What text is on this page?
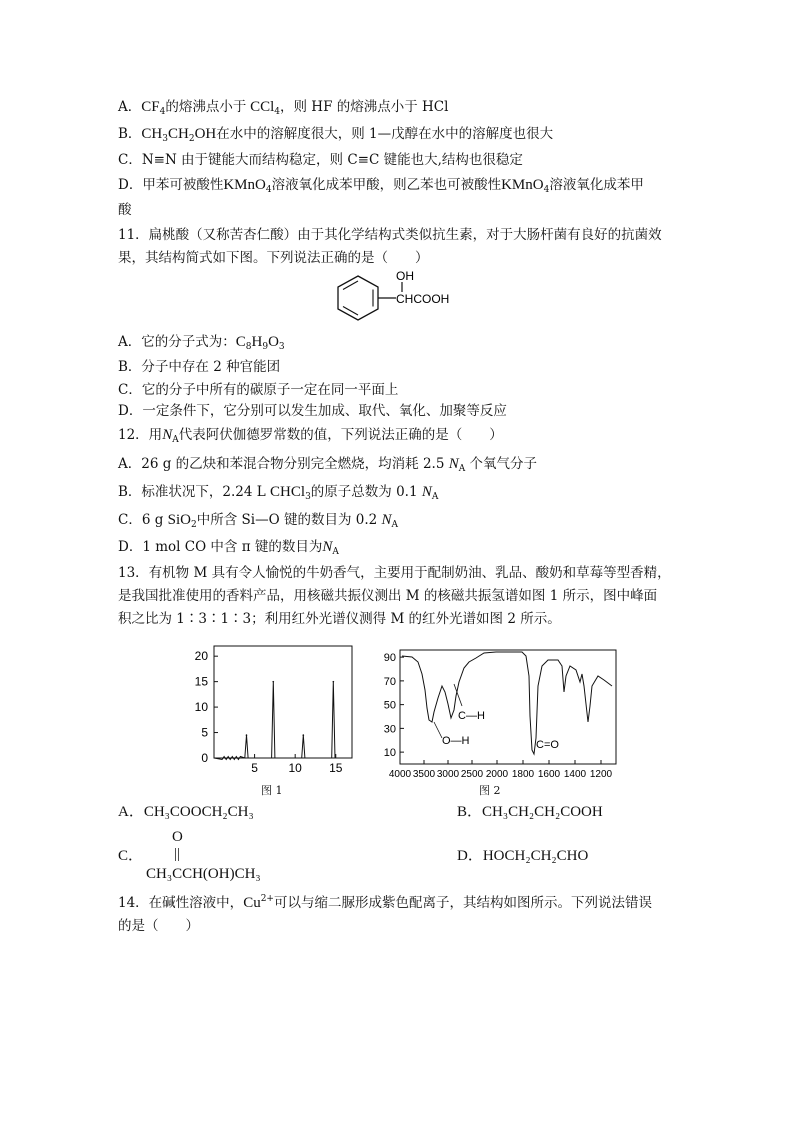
A．$CF_4$的熔沸点小于 CCl$_4$，则 HF 的熔沸点小于 HCl
B．$CH_3CH_2OH$在水中的溶解度很大，则 1—戊醇在水中的溶解度也很大
C．N≡N 由于键能大而结构稳定，则 C≡C 键能也大,结构也很稳定
D．甲苯可被酸性KMnO$_4$溶液氧化成苯甲酸，则乙苯也可被酸性KMnO$_4$溶液氧化成苯甲
酸
11．扁桃酸（又称苦杏仁酸）由于其化学结构式类似抗生素，对于大肠杆菌有良好的抗菌效
果，其结构简式如下图。下列说法正确的是（　　）
OH
CHCOOH
A．它的分子式为：$C_8H_9O_3$
B．分子中存在 2 种官能团
C．它的分子中所有的碳原子一定在同一平面上
D．一定条件下，它分别可以发生加成、取代、氧化、加聚等反应
12．用$N_A$代表阿伏伽德罗常数的值，下列说法正确的是（　　）
A．26 g 的乙炔和苯混合物分别完全燃烧，均消耗 2.5 $N_A$ 个氧气分子
B．标准状况下，2.24 L CHCl$_3$的原子总数为 0.1 $N_A$
C．6 g SiO$_2$中所含 Si—O 键的数目为 0.2 $N_A$
D．1 mol CO 中含 π 键的数目为$N_A$
13．有机物 M 具有令人愉悦的牛奶香气，主要用于配制奶油、乳品、酸奶和草莓等型香精，
是我国批准使用的香料产品，用核磁共振仪测出 M 的核磁共振氢谱如图 1 所示，图中峰面
积之比为 1∶3∶1∶3；利用红外光谱仪测得 M 的红外光谱如图 2 所示。
20
15
10
5
0
5	10 15
图 1
90
70
50
30
10
4000 3500 3000 2500 2000 1800 1600 1400 1200
C—H
O—H	C=O
图 2
A．CH₃COOCH₂CH₃	B．CH₃CH₂CH₂COOH
O
C． ||
CH₃CCH(OH)CH₃
D．HOCH₂CH₂CHO
14．在碱性溶液中，$Cu^{2+}$可以与缩二脲形成紫色配离子，其结构如图所示。下列说法错误
的是（　　）
